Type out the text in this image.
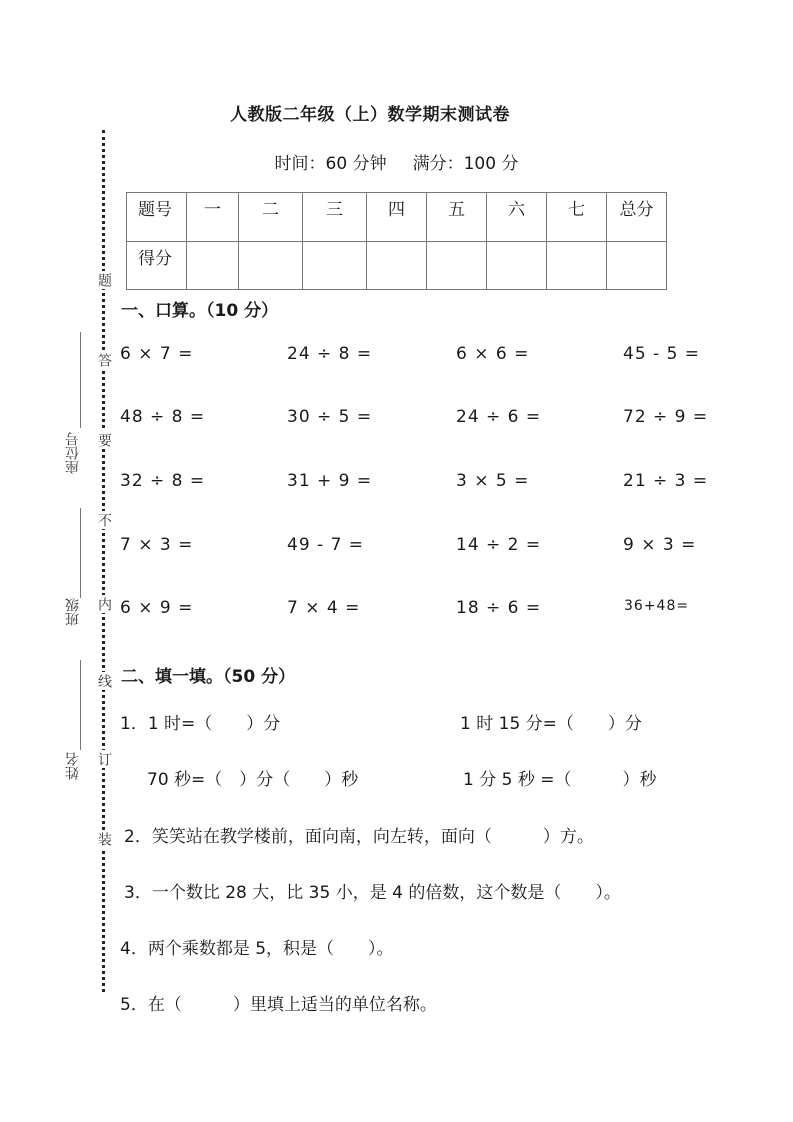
人教版二年级（上）数学期末测试卷
时间：60 分钟 满分：100 分
题号	一	二	三	四	五	六	七	总分
得分								
题
答
要
不
内
线
订
装
座位号
班级
姓名
一、口算。（10 分）
6 × 7 =	24 ÷ 8 =	6 × 6 =	45 - 5 =
48 ÷ 8 =	30 ÷ 5 =	24 ÷ 6 =	72 ÷ 9 =
32 ÷ 8 =	31 + 9 =	3 × 5 =	21 ÷ 3 =
7 × 3 =	49 - 7 =	14 ÷ 2 =	9 × 3 =
6 × 9 =	7 × 4 =	18 ÷ 6 =	36+48=
二、填一填。（50 分）
1．1 时=（　　）分	1 时 15 分=（　　）分
70 秒=（　）分（　　）秒	1 分 5 秒 =（　　　）秒
2．笑笑站在教学楼前，面向南，向左转，面向（　　　）方。
3．一个数比 28 大，比 35 小，是 4 的倍数，这个数是（　　）。
4．两个乘数都是 5，积是（　　）。
5．在（　　　）里填上适当的单位名称。
